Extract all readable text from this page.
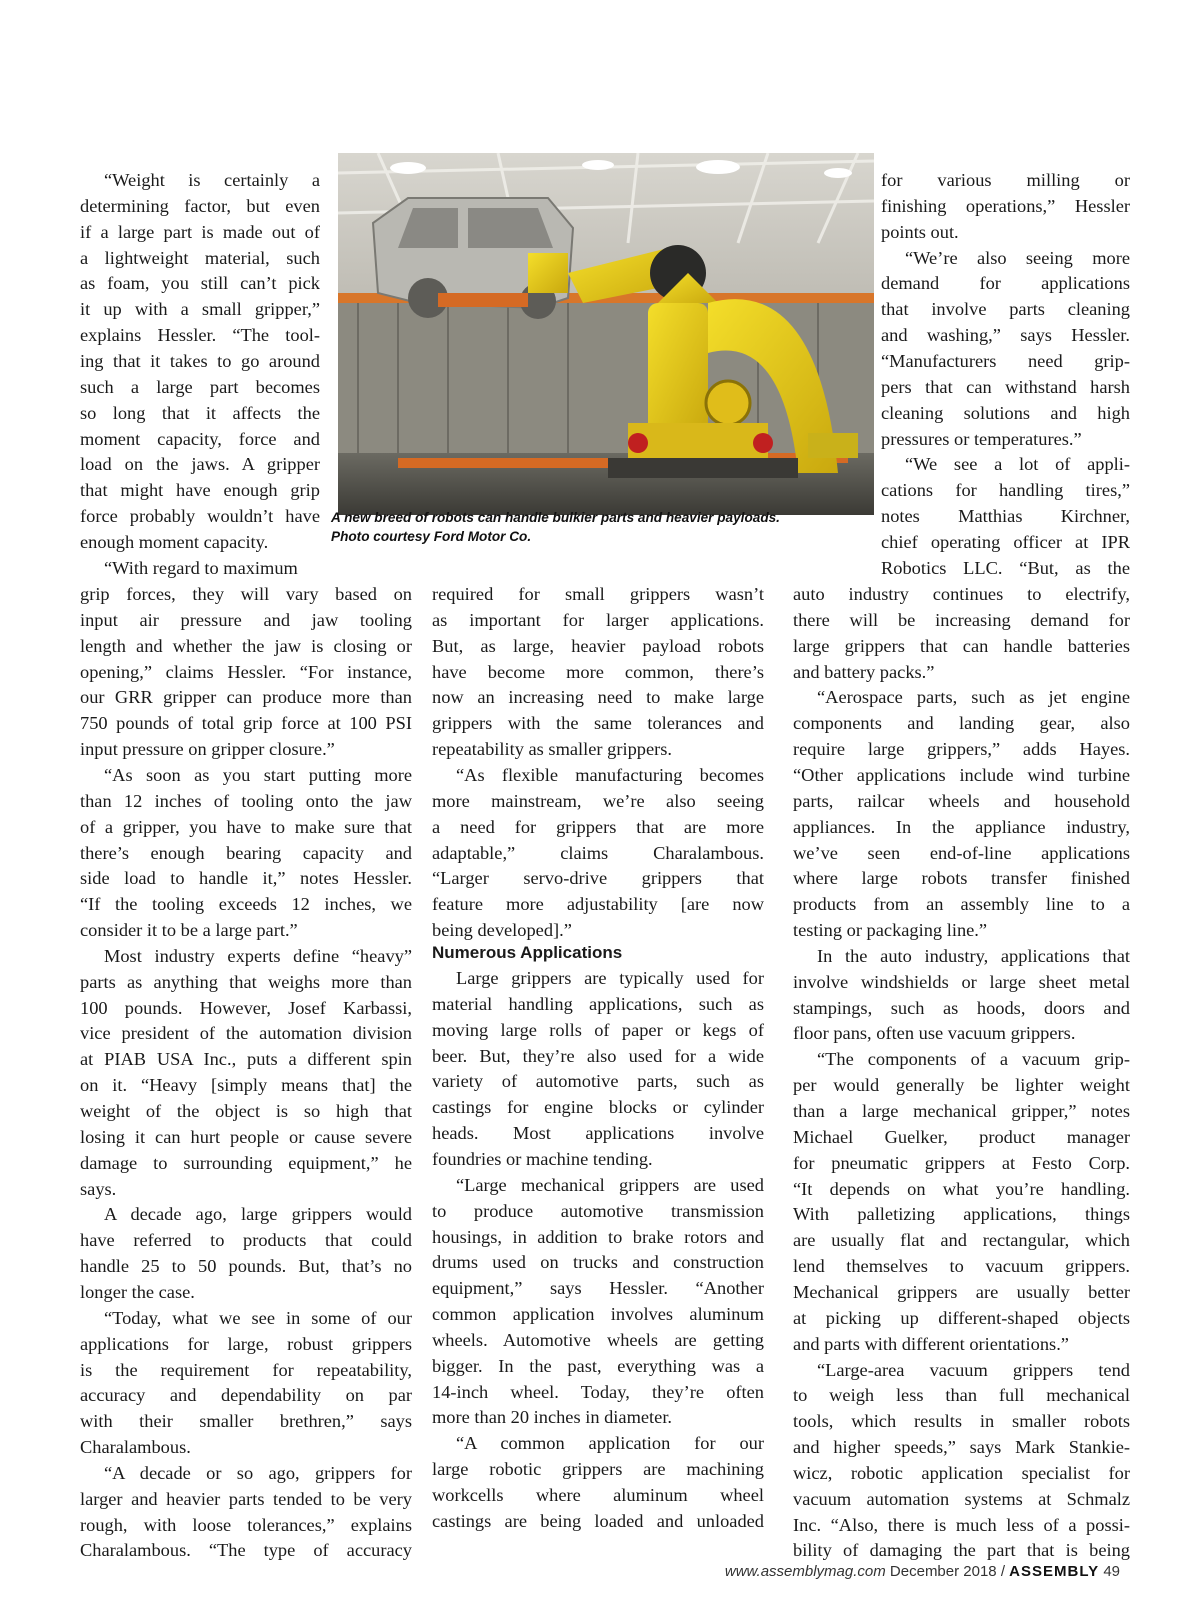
A new breed of robots can handle bulkier parts and heavier payloads.
Photo courtesy Ford Motor Co.
“Weight is certainly a
determining factor, but even
if a large part is made out of
a lightweight material, such
as foam, you still can’t pick
it up with a small gripper,”
explains Hessler. “The tool-
ing that it takes to go around
such a large part becomes
so long that it affects the
moment capacity, force and
load on the jaws. A gripper
that might have enough grip
force probably wouldn’t have
enough moment capacity.
“With regard to maximum
grip forces, they will vary based on
input air pressure and jaw tooling
length and whether the jaw is closing or
opening,” claims Hessler. “For instance,
our GRR gripper can produce more than
750 pounds of total grip force at 100 PSI
input pressure on gripper closure.”
“As soon as you start putting more
than 12 inches of tooling onto the jaw
of a gripper, you have to make sure that
there’s enough bearing capacity and
side load to handle it,” notes Hessler.
“If the tooling exceeds 12 inches, we
consider it to be a large part.”
Most industry experts define “heavy”
parts as anything that weighs more than
100 pounds. However, Josef Karbassi,
vice president of the automation division
at PIAB USA Inc., puts a different spin
on it. “Heavy [simply means that] the
weight of the object is so high that
losing it can hurt people or cause severe
damage to surrounding equipment,” he
says.
A decade ago, large grippers would
have referred to products that could
handle 25 to 50 pounds. But, that’s no
longer the case.
“Today, what we see in some of our
applications for large, robust grippers
is the requirement for repeatability,
accuracy and dependability on par
with their smaller brethren,” says
Charalambous.
“A decade or so ago, grippers for
larger and heavier parts tended to be very
rough, with loose tolerances,” explains
Charalambous. “The type of accuracy
required for small grippers wasn’t
as important for larger applications.
But, as large, heavier payload robots
have become more common, there’s
now an increasing need to make large
grippers with the same tolerances and
repeatability as smaller grippers.
“As flexible manufacturing becomes
more mainstream, we’re also seeing
a need for grippers that are more
adaptable,” claims Charalambous.
“Larger servo-drive grippers that
feature more adjustability [are now
being developed].”
Numerous Applications
Large grippers are typically used for
material handling applications, such as
moving large rolls of paper or kegs of
beer. But, they’re also used for a wide
variety of automotive parts, such as
castings for engine blocks or cylinder
heads. Most applications involve
foundries or machine tending.
“Large mechanical grippers are used
to produce automotive transmission
housings, in addition to brake rotors and
drums used on trucks and construction
equipment,” says Hessler. “Another
common application involves aluminum
wheels. Automotive wheels are getting
bigger. In the past, everything was a
14-inch wheel. Today, they’re often
more than 20 inches in diameter.
“A common application for our
large robotic grippers are machining
workcells where aluminum wheel
castings are being loaded and unloaded
for various milling or
finishing operations,” Hessler
points out.
“We’re also seeing more
demand for applications
that involve parts cleaning
and washing,” says Hessler.
“Manufacturers need grip-
pers that can withstand harsh
cleaning solutions and high
pressures or temperatures.”
“We see a lot of appli-
cations for handling tires,”
notes Matthias Kirchner,
chief operating officer at IPR
Robotics LLC. “But, as the
auto industry continues to electrify,
there will be increasing demand for
large grippers that can handle batteries
and battery packs.”
“Aerospace parts, such as jet engine
components and landing gear, also
require large grippers,” adds Hayes.
“Other applications include wind turbine
parts, railcar wheels and household
appliances. In the appliance industry,
we’ve seen end-of-line applications
where large robots transfer finished
products from an assembly line to a
testing or packaging line.”
In the auto industry, applications that
involve windshields or large sheet metal
stampings, such as hoods, doors and
floor pans, often use vacuum grippers.
“The components of a vacuum grip-
per would generally be lighter weight
than a large mechanical gripper,” notes
Michael Guelker, product manager
for pneumatic grippers at Festo Corp.
“It depends on what you’re handling.
With palletizing applications, things
are usually flat and rectangular, which
lend themselves to vacuum grippers.
Mechanical grippers are usually better
at picking up different-shaped objects
and parts with different orientations.”
“Large-area vacuum grippers tend
to weigh less than full mechanical
tools, which results in smaller robots
and higher speeds,” says Mark Stankie-
wicz, robotic application specialist for
vacuum automation systems at Schmalz
Inc. “Also, there is much less of a possi-
bility of damaging the part that is being
www.assemblymag.com December 2018 / ASSEMBLY 49
